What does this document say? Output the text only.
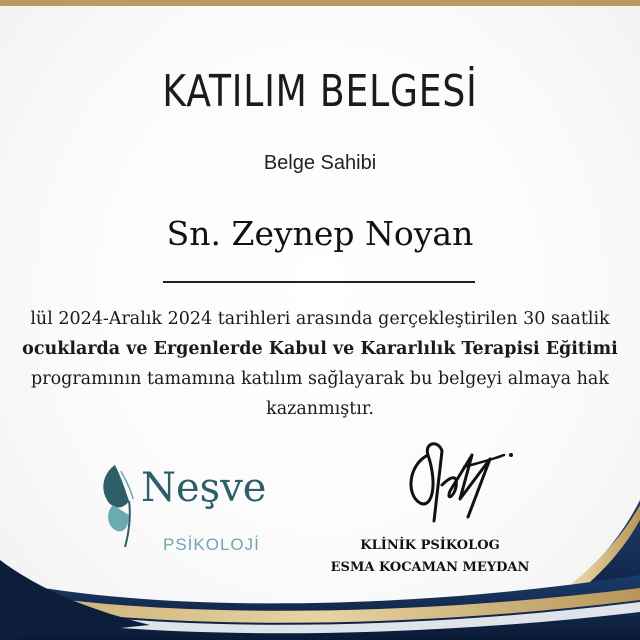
KATILIM BELGESİ
Belge Sahibi
Sn. Zeynep Noyan
lül 2024-Aralık 2024 tarihleri arasında gerçekleştirilen 30 saatlik
ocuklarda ve Ergenlerde Kabul ve Kararlılık Terapisi Eğitimi
programının tamamına katılım sağlayarak bu belgeyi almaya hak
kazanmıştır.
Neşve
PSİKOLOJİ	KLİNİK PSİKOLOG
ESMA KOCAMAN MEYDAN
